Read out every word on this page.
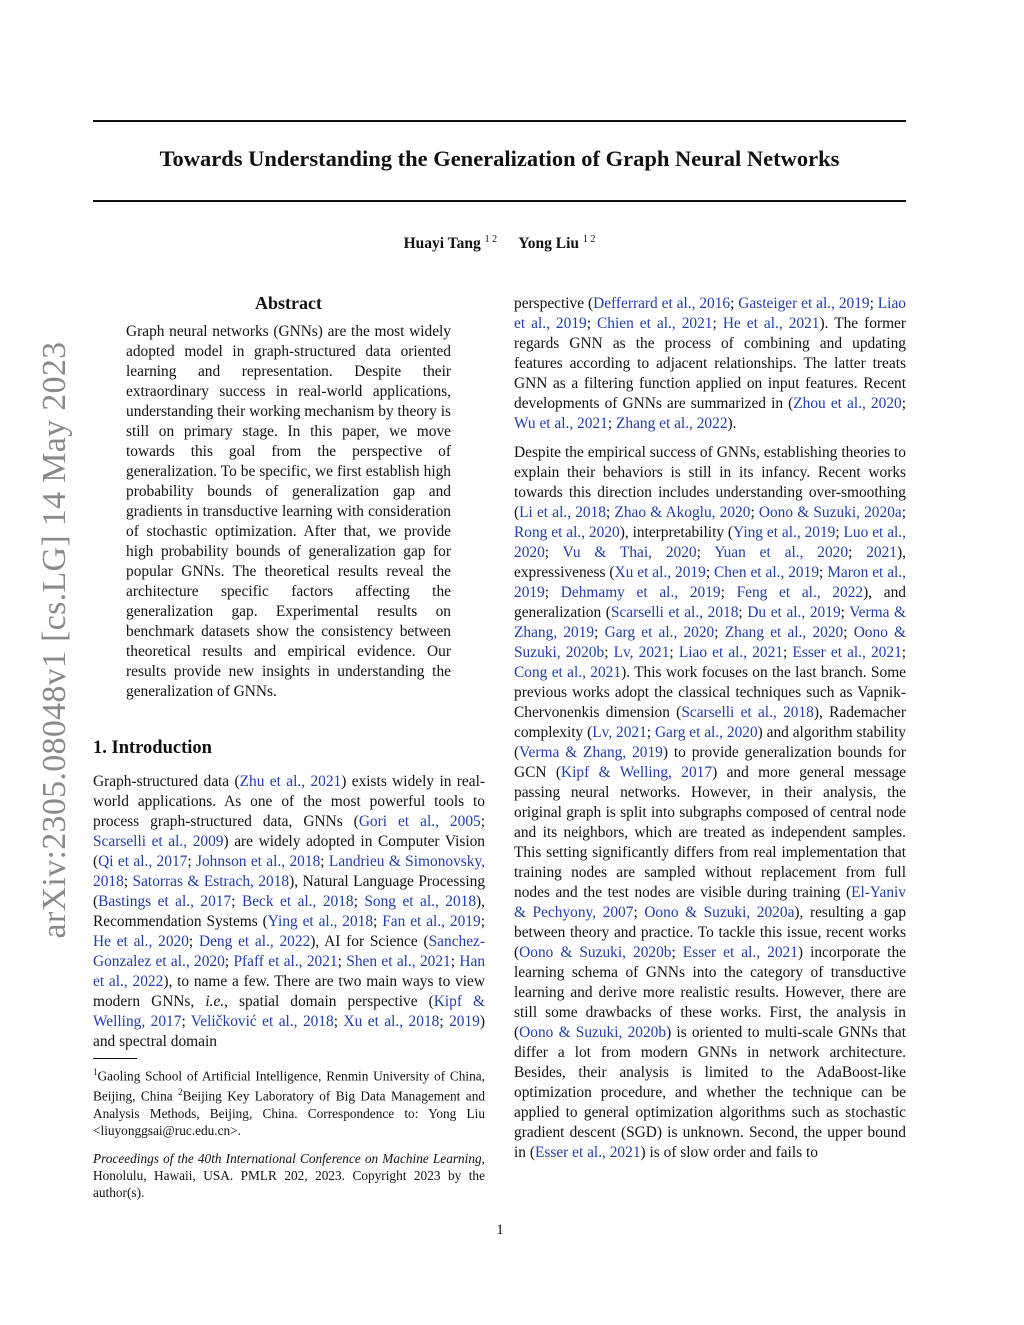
Towards Understanding the Generalization of Graph Neural Networks
Huayi Tang $^{1 2}$ Yong Liu $^{1 2}$
arXiv:2305.08048v1 [cs.LG] 14 May 2023
Abstract
Graph neural networks (GNNs) are the most widely adopted model in graph-structured data oriented learning and representation. Despite their extraordinary success in real-world applications, understanding their working mechanism by theory is still on primary stage. In this paper, we move towards this goal from the perspective of generalization. To be specific, we first establish high probability bounds of generalization gap and gradients in transductive learning with consideration of stochastic optimization. After that, we provide high probability bounds of generalization gap for popular GNNs. The theoretical results reveal the architecture specific factors affecting the generalization gap. Experimental results on benchmark datasets show the consistency between theoretical results and empirical evidence. Our results provide new insights in understanding the generalization of GNNs.
1. Introduction
Graph-structured data (Zhu et al., 2021) exists widely in real-world applications. As one of the most powerful tools to process graph-structured data, GNNs (Gori et al., 2005; Scarselli et al., 2009) are widely adopted in Computer Vision (Qi et al., 2017; Johnson et al., 2018; Landrieu & Simonovsky, 2018; Satorras & Estrach, 2018), Natural Language Processing (Bastings et al., 2017; Beck et al., 2018; Song et al., 2018), Recommendation Systems (Ying et al., 2018; Fan et al., 2019; He et al., 2020; Deng et al., 2022), AI for Science (Sanchez-Gonzalez et al., 2020; Pfaff et al., 2021; Shen et al., 2021; Han et al., 2022), to name a few. There are two main ways to view modern GNNs, i.e., spatial domain perspective (Kipf & Welling, 2017; Veličković et al., 2018; Xu et al., 2018; 2019) and spectral domain
$^1$Gaoling School of Artificial Intelligence, Renmin University of China, Beijing, China $^2$Beijing Key Laboratory of Big Data Management and Analysis Methods, Beijing, China. Correspondence to: Yong Liu <liuyonggsai@ruc.edu.cn>.
Proceedings of the 40th International Conference on Machine Learning, Honolulu, Hawaii, USA. PMLR 202, 2023. Copyright 2023 by the author(s).

perspective (Defferrard et al., 2016; Gasteiger et al., 2019; Liao et al., 2019; Chien et al., 2021; He et al., 2021). The former regards GNN as the process of combining and updating features according to adjacent relationships. The latter treats GNN as a filtering function applied on input features. Recent developments of GNNs are summarized in (Zhou et al., 2020; Wu et al., 2021; Zhang et al., 2022).

Despite the empirical success of GNNs, establishing theories to explain their behaviors is still in its infancy. Recent works towards this direction includes understanding over-smoothing (Li et al., 2018; Zhao & Akoglu, 2020; Oono & Suzuki, 2020a; Rong et al., 2020), interpretability (Ying et al., 2019; Luo et al., 2020; Vu & Thai, 2020; Yuan et al., 2020; 2021), expressiveness (Xu et al., 2019; Chen et al., 2019; Maron et al., 2019; Dehmamy et al., 2019; Feng et al., 2022), and generalization (Scarselli et al., 2018; Du et al., 2019; Verma & Zhang, 2019; Garg et al., 2020; Zhang et al., 2020; Oono & Suzuki, 2020b; Lv, 2021; Liao et al., 2021; Esser et al., 2021; Cong et al., 2021). This work focuses on the last branch. Some previous works adopt the classical techniques such as Vapnik-Chervonenkis dimension (Scarselli et al., 2018), Rademacher complexity (Lv, 2021; Garg et al., 2020) and algorithm stability (Verma & Zhang, 2019) to provide generalization bounds for GCN (Kipf & Welling, 2017) and more general message passing neural networks. However, in their analysis, the original graph is split into subgraphs composed of central node and its neighbors, which are treated as independent samples. This setting significantly differs from real implementation that training nodes are sampled without replacement from full nodes and the test nodes are visible during training (El-Yaniv & Pechyony, 2007; Oono & Suzuki, 2020a), resulting a gap between theory and practice. To tackle this issue, recent works (Oono & Suzuki, 2020b; Esser et al., 2021) incorporate the learning schema of GNNs into the category of transductive learning and derive more realistic results. However, there are still some drawbacks of these works. First, the analysis in (Oono & Suzuki, 2020b) is oriented to multi-scale GNNs that differ a lot from modern GNNs in network architecture. Besides, their analysis is limited to the AdaBoost-like optimization procedure, and whether the technique can be applied to general optimization algorithms such as stochastic gradient descent (SGD) is unknown. Second, the upper bound in (Esser et al., 2021) is of slow order and fails to

1
